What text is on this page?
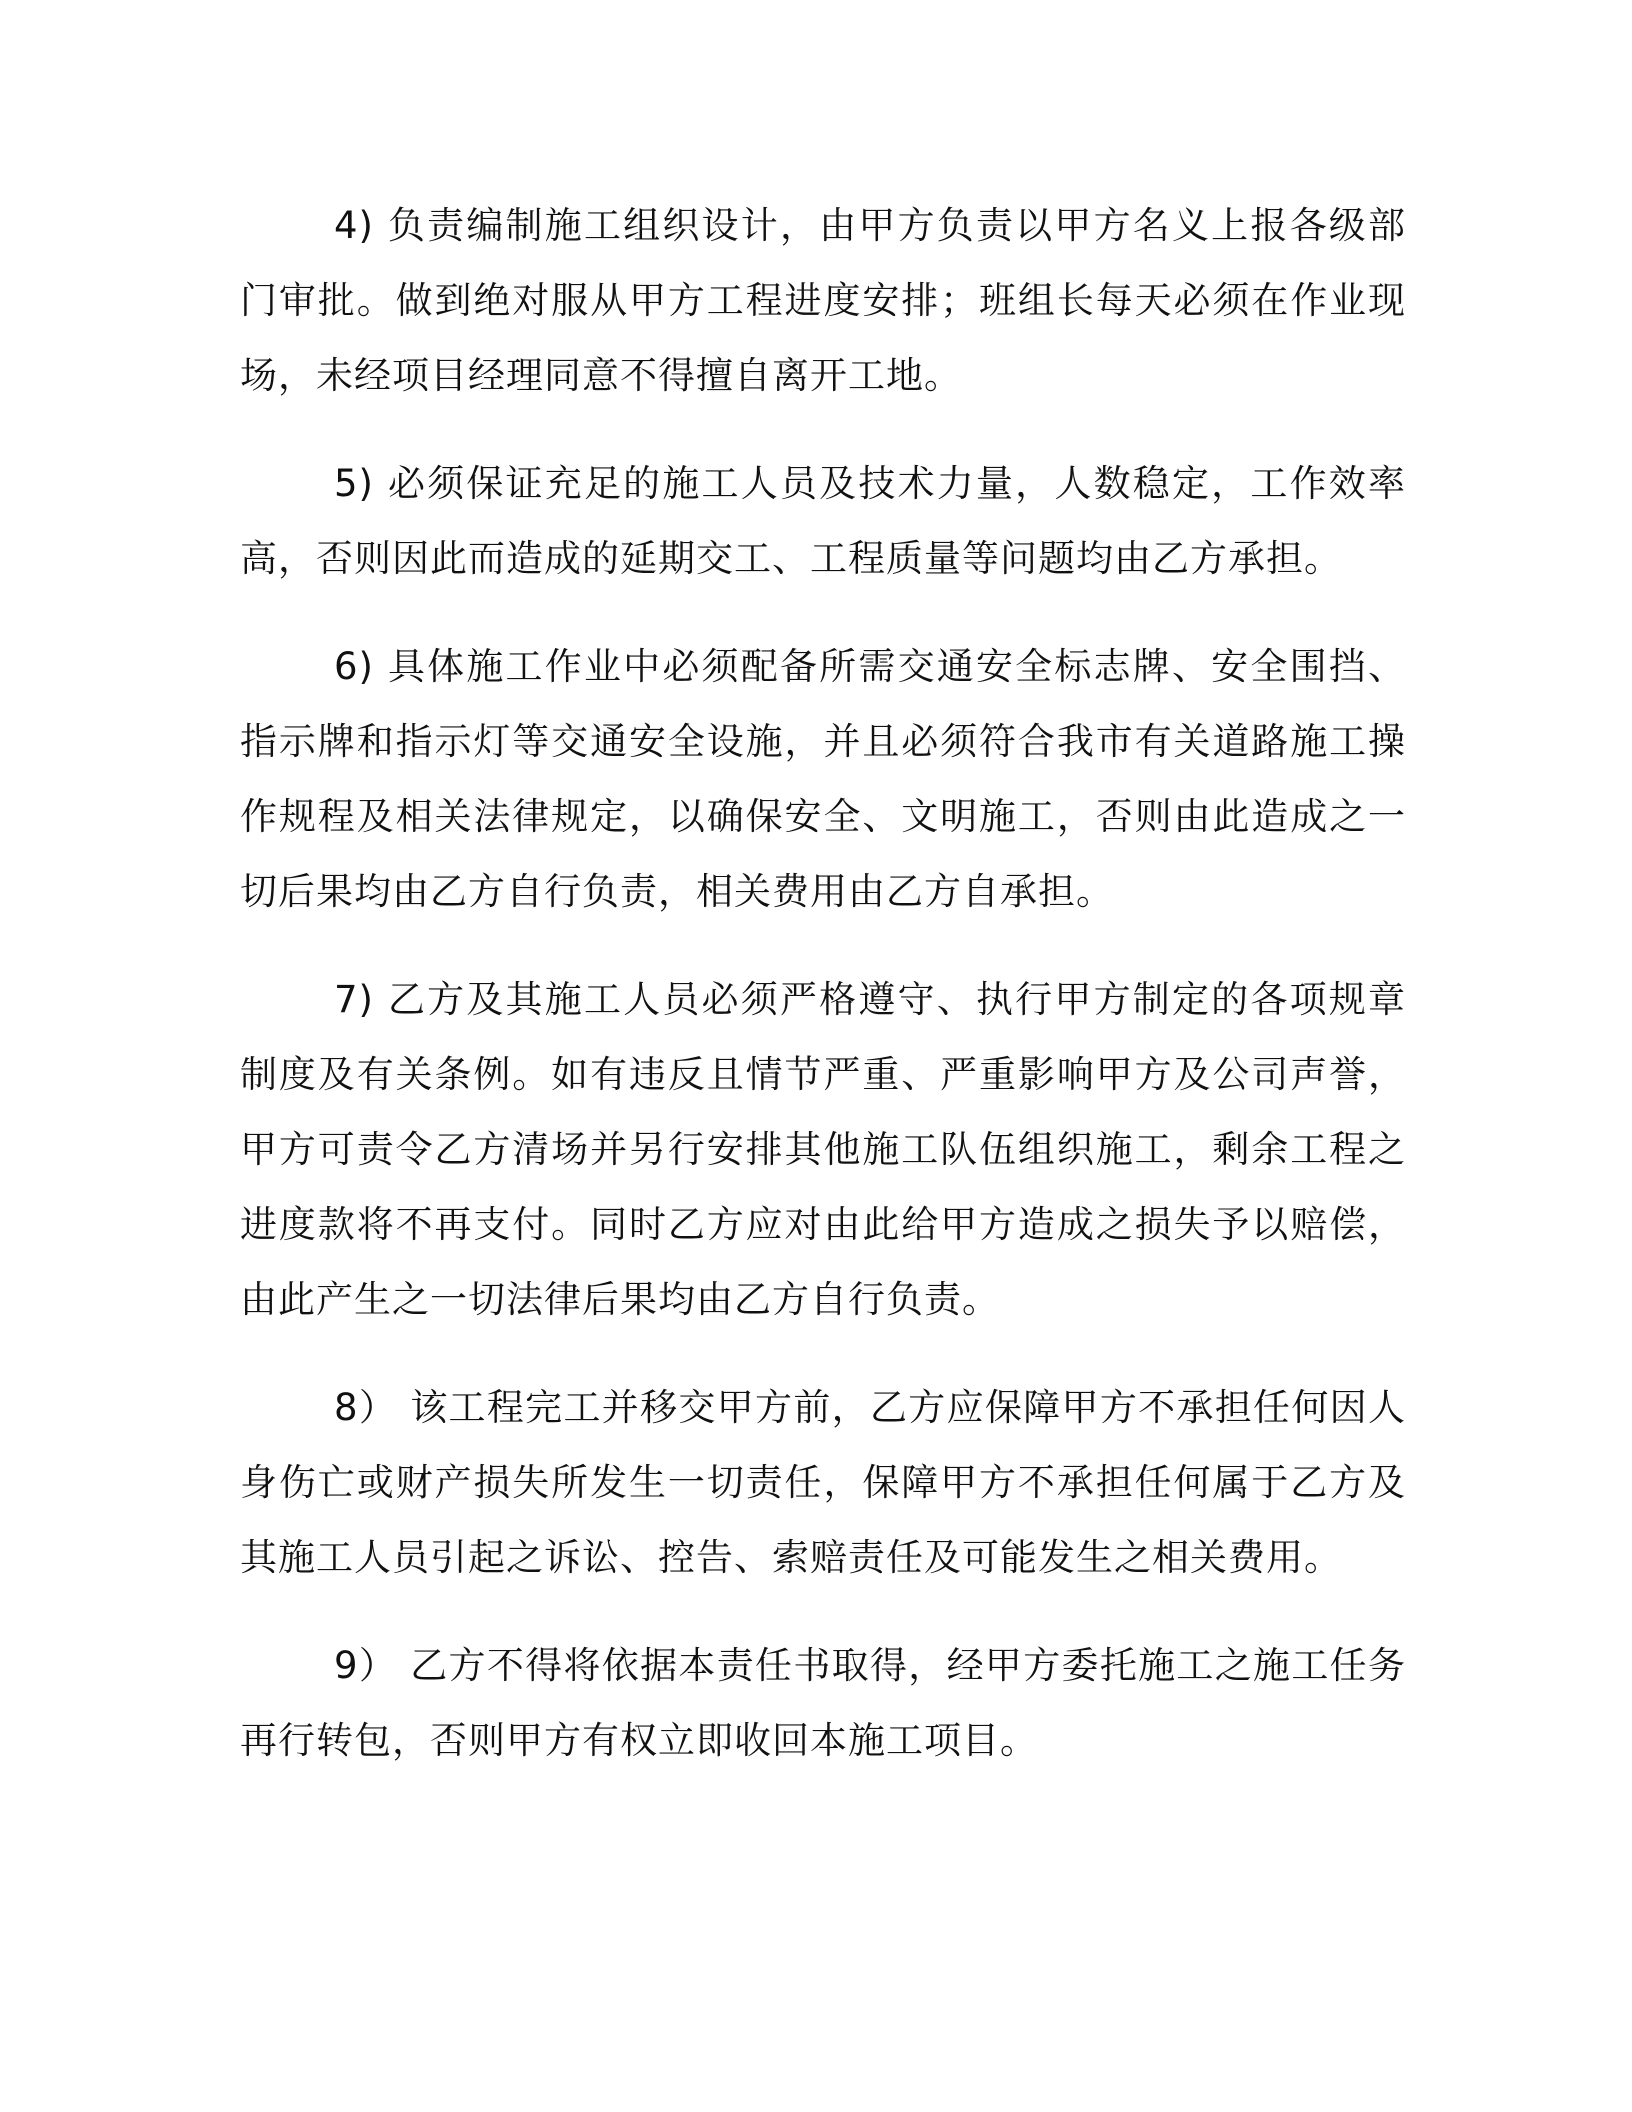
4) 负责编制施工组织设计，由甲方负责以甲方名义上报各级部门审批。做到绝对服从甲方工程进度安排；班组长每天必须在作业现场，未经项目经理同意不得擅自离开工地。

5) 必须保证充足的施工人员及技术力量，人数稳定，工作效率高，否则因此而造成的延期交工、工程质量等问题均由乙方承担。

6) 具体施工作业中必须配备所需交通安全标志牌、安全围挡、指示牌和指示灯等交通安全设施，并且必须符合我市有关道路施工操作规程及相关法律规定，以确保安全、文明施工，否则由此造成之一切后果均由乙方自行负责，相关费用由乙方自承担。

7) 乙方及其施工人员必须严格遵守、执行甲方制定的各项规章制度及有关条例。如有违反且情节严重、严重影响甲方及公司声誉，甲方可责令乙方清场并另行安排其他施工队伍组织施工，剩余工程之进度款将不再支付。同时乙方应对由此给甲方造成之损失予以赔偿，由此产生之一切法律后果均由乙方自行负责。

8） 该工程完工并移交甲方前，乙方应保障甲方不承担任何因人身伤亡或财产损失所发生一切责任，保障甲方不承担任何属于乙方及其施工人员引起之诉讼、控告、索赔责任及可能发生之相关费用。

9） 乙方不得将依据本责任书取得，经甲方委托施工之施工任务再行转包，否则甲方有权立即收回本施工项目。
